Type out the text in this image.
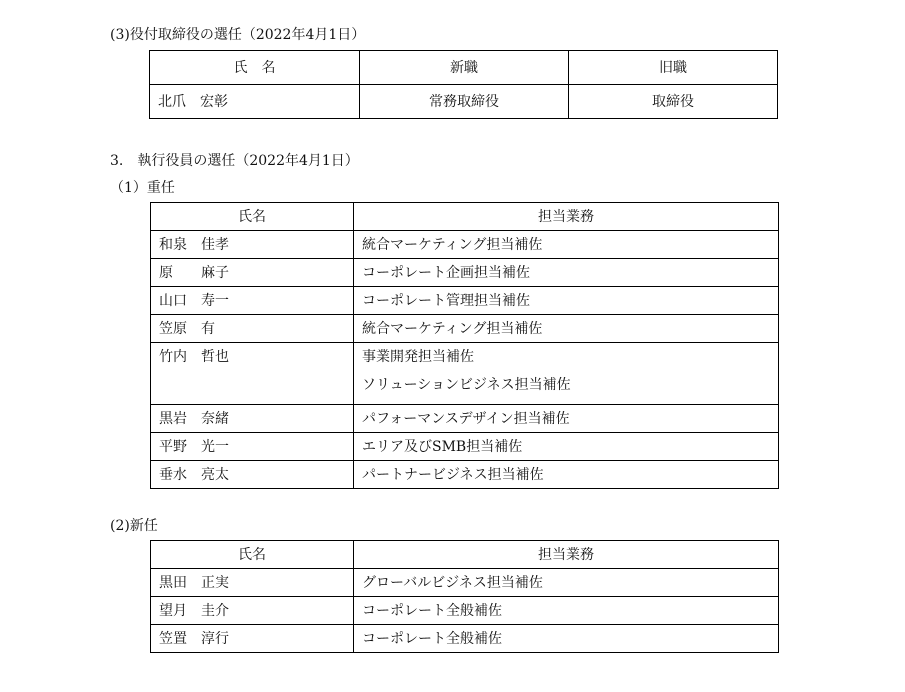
(3)役付取締役の選任（2022年4月1日）
氏　名	新職	旧職
北爪　宏彰	常務取締役	取締役
3.　執行役員の選任（2022年4月1日）
（1）重任
氏名	担当業務
和泉　佳孝	統合マーケティング担当補佐
原　　麻子	コーポレート企画担当補佐
山口　寿一	コーポレート管理担当補佐
笠原　有	統合マーケティング担当補佐
竹内　哲也	事業開発担当補佐
ソリューションビジネス担当補佐

黒岩　奈緒	パフォーマンスデザイン担当補佐
平野　光一	エリア及びSMB担当補佐
垂水　亮太	パートナービジネス担当補佐
(2)新任
氏名	担当業務
黒田　正実	グローバルビジネス担当補佐
望月　圭介	コーポレート全般補佐
笠置　淳行	コーポレート全般補佐
